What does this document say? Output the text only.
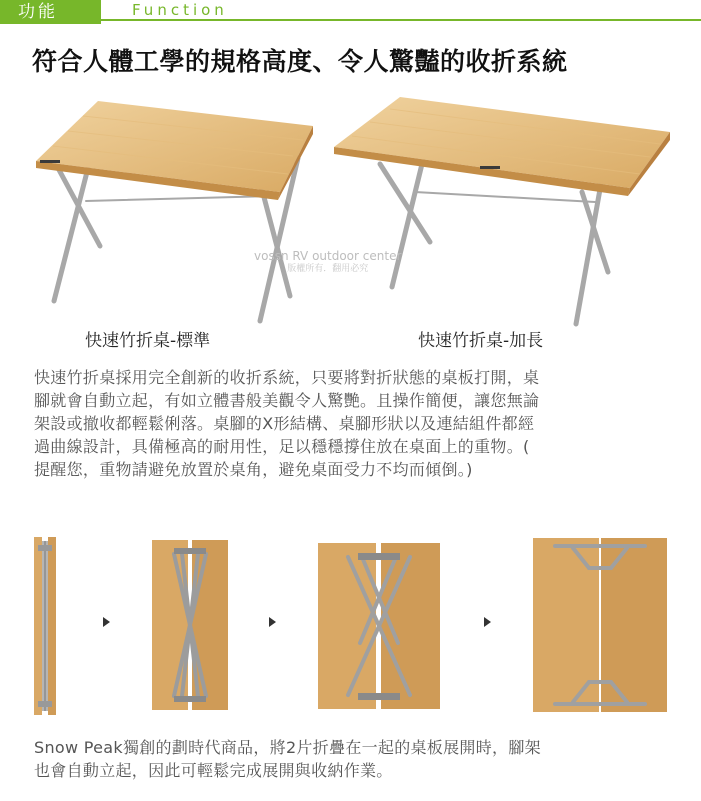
功能	Function
符合人體工學的規格高度、令人驚豔的收折系統
vossn RV outdoor center
版權所有．翻用必究
快速竹折桌-標準	快速竹折桌-加長
快速竹折桌採用完全創新的收折系統，只要將對折狀態的桌板打開，桌
腳就會自動立起，有如立體書般美觀令人驚艷。且操作簡便，讓您無論
架設或撤收都輕鬆俐落。桌腳的X形結構、桌腳形狀以及連結組件都經
過曲線設計，具備極高的耐用性，足以穩穩撐住放在桌面上的重物。(
提醒您，重物請避免放置於桌角，避免桌面受力不均而傾倒。)
Snow Peak獨創的劃時代商品，將2片折疊在一起的桌板展開時，腳架
也會自動立起，因此可輕鬆完成展開與收納作業。
